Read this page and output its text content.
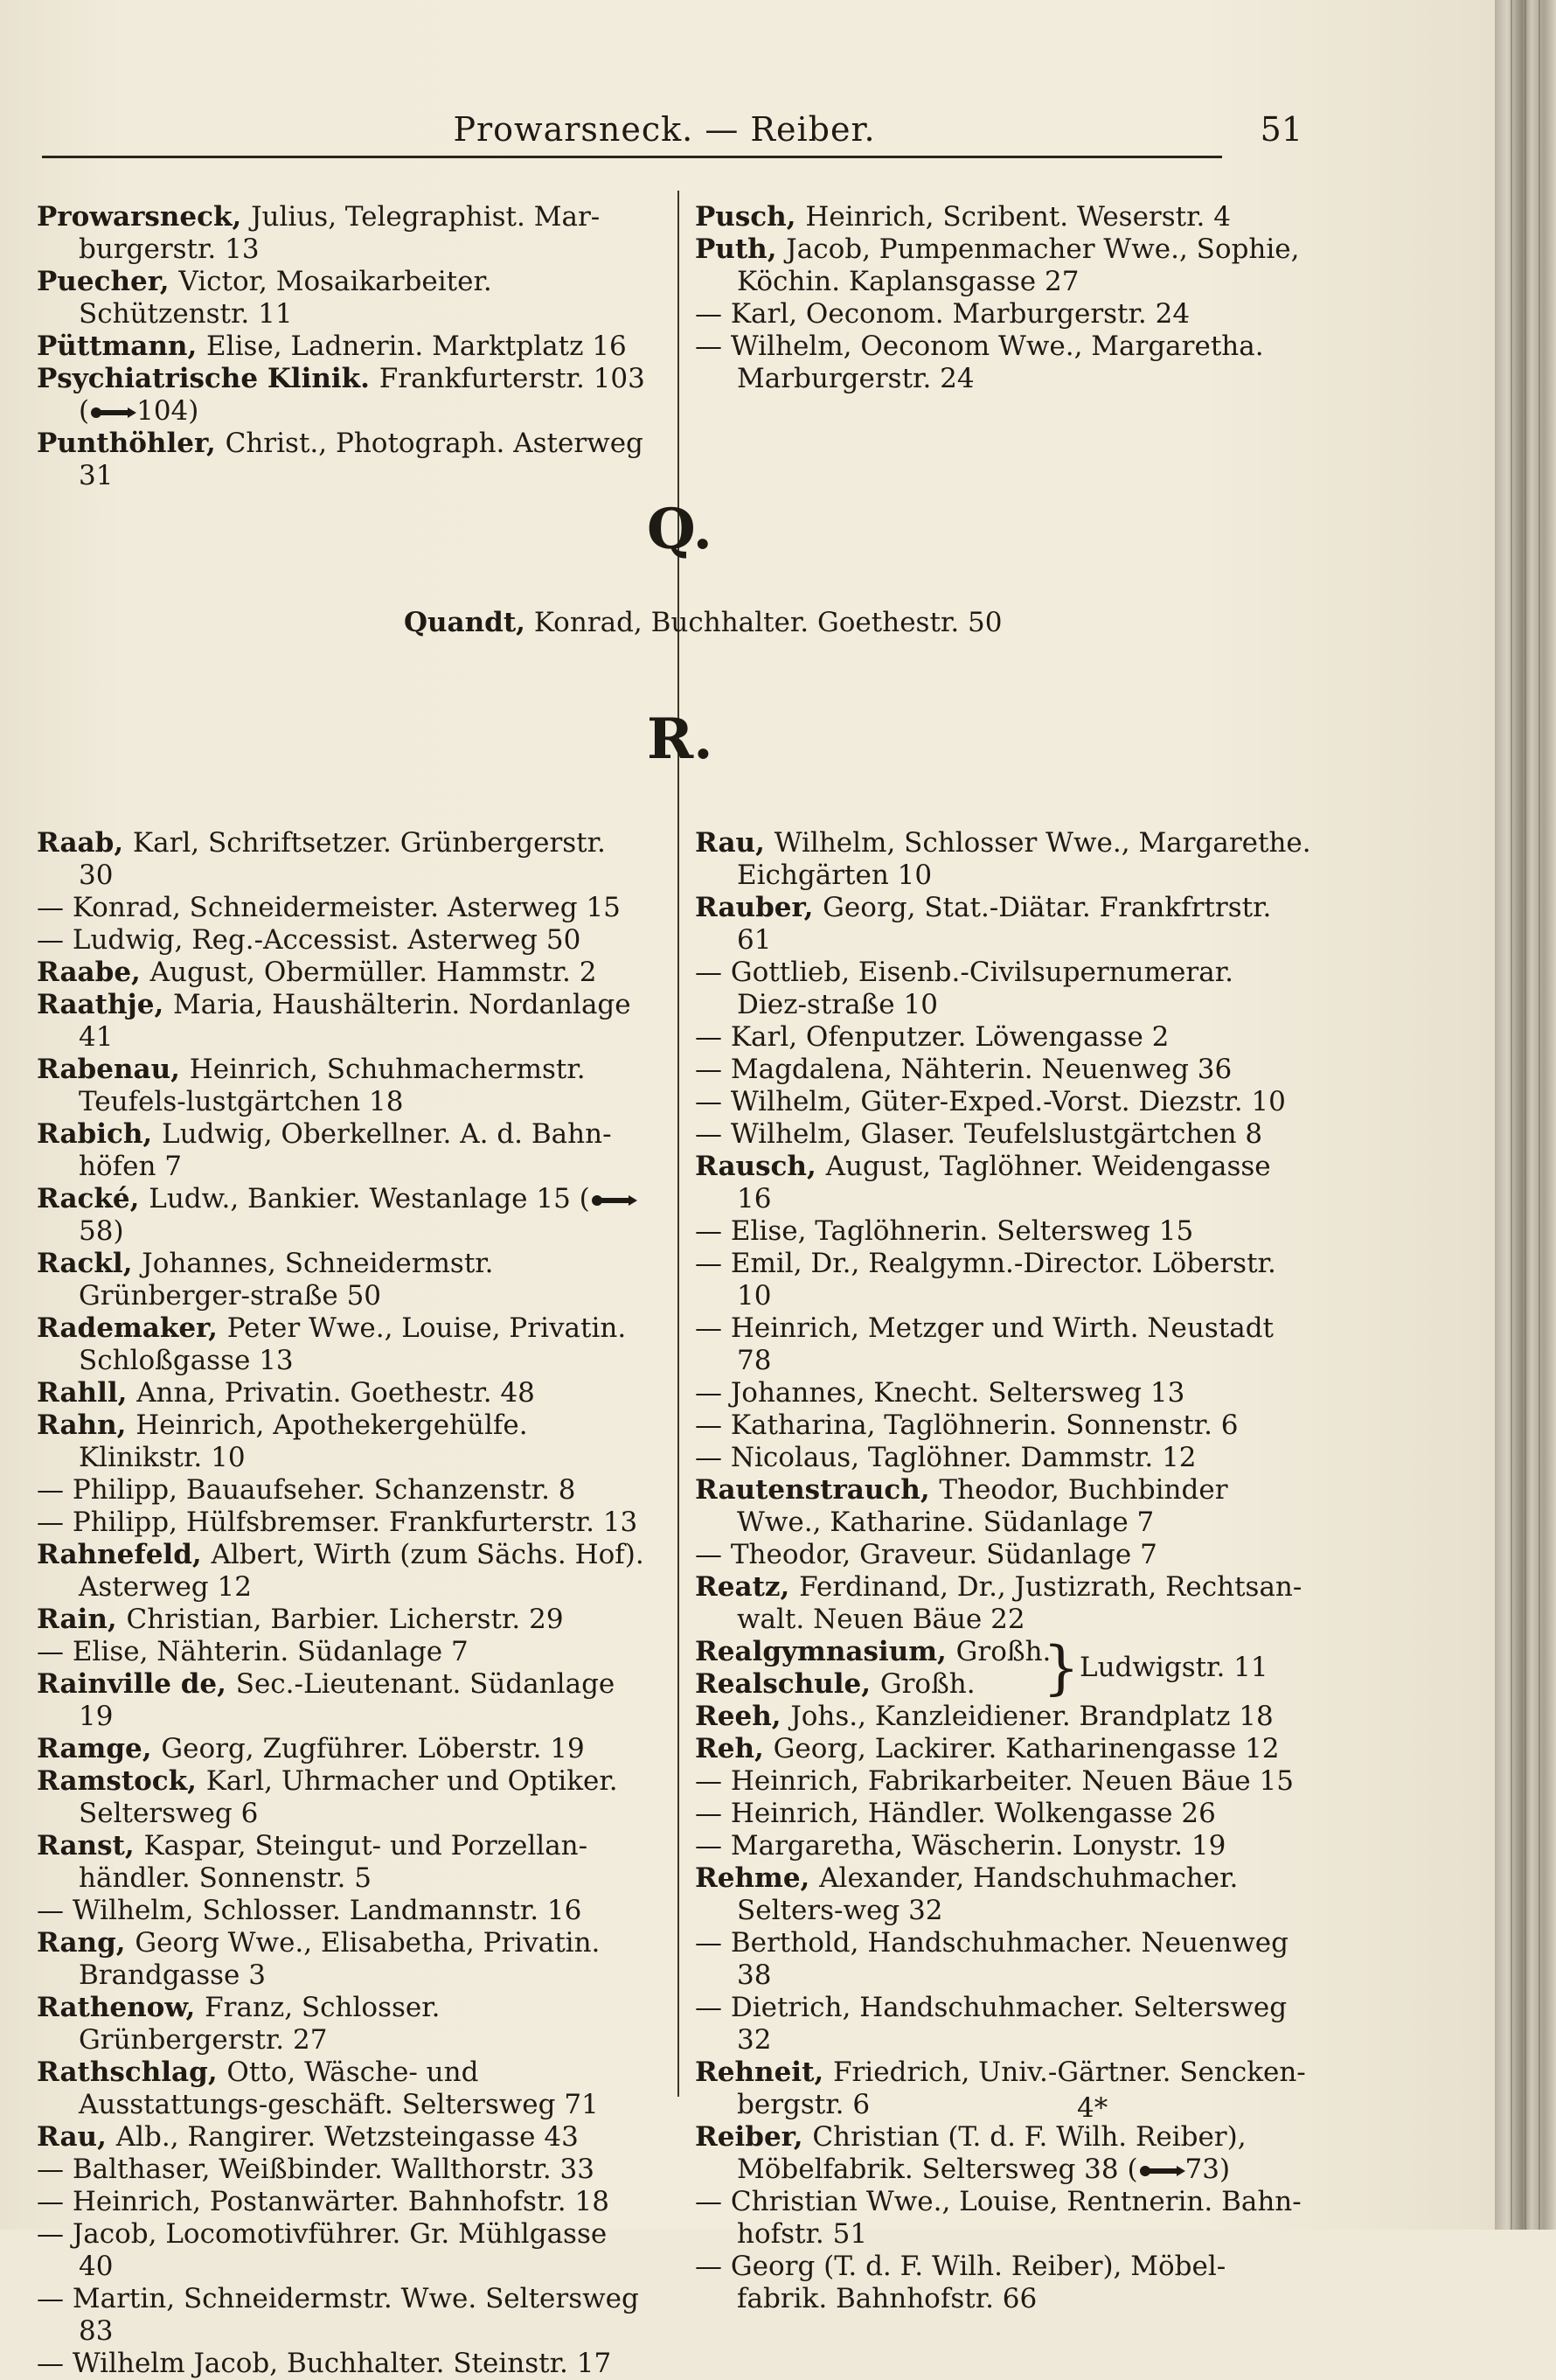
Prowarsneck. — Reiber.	51
Prowarsneck, Julius, Telegraphist. Mar-burgerstr. 13
Puecher, Victor, Mosaikarbeiter. Schützenstr. 11
Püttmann, Elise, Ladnerin. Marktplatz 16
Psychiatrische Klinik. Frankfurterstr. 103 ( 104)
Punthöhler, Christ., Photograph. Asterweg 31
Q.
Quandt, Konrad, Buchhalter. Goethestr. 50
R.
Raab, Karl, Schriftsetzer. Grünbergerstr. 30
— Konrad, Schneidermeister. Asterweg 15
— Ludwig, Reg.-Accessist. Asterweg 50
Raabe, August, Obermüller. Hammstr. 2
Raathje, Maria, Haushälterin. Nordanlage 41
Rabenau, Heinrich, Schuhmachermstr. Teufels-lustgärtchen 18
Rabich, Ludwig, Oberkellner. A. d. Bahn-höfen 7
Racké, Ludw., Bankier. Westanlage 15 (
58)
Rackl, Johannes, Schneidermstr. Grünberger-straße 50
Rademaker, Peter Wwe., Louise, Privatin. Schloßgasse 13
Rahll, Anna, Privatin. Goethestr. 48
Rahn, Heinrich, Apothekergehülfe. Klinikstr. 10
— Philipp, Bauaufseher. Schanzenstr. 8
— Philipp, Hülfsbremser. Frankfurterstr. 13
Rahnefeld, Albert, Wirth (zum Sächs. Hof). Asterweg 12
Rain, Christian, Barbier. Licherstr. 29
— Elise, Nähterin. Südanlage 7
Rainville de, Sec.-Lieutenant. Südanlage 19
Ramge, Georg, Zugführer. Löberstr. 19
Ramstock, Karl, Uhrmacher und Optiker. Seltersweg 6
Ranst, Kaspar, Steingut- und Porzellan-händler. Sonnenstr. 5
— Wilhelm, Schlosser. Landmannstr. 16
Rang, Georg Wwe., Elisabetha, Privatin. Brandgasse 3
Rathenow, Franz, Schlosser. Grünbergerstr. 27
Rathschlag, Otto, Wäsche- und Ausstattungs-geschäft. Seltersweg 71
Rau, Alb., Rangirer. Wetzsteingasse 43
— Balthaser, Weißbinder. Wallthorstr. 33
— Heinrich, Postanwärter. Bahnhofstr. 18
— Jacob, Locomotivführer. Gr. Mühlgasse 40
— Martin, Schneidermstr. Wwe. Seltersweg 83
— Wilhelm Jacob, Buchhalter. Steinstr. 17
Pusch, Heinrich, Scribent. Weserstr. 4
Puth, Jacob, Pumpenmacher Wwe., Sophie, Köchin. Kaplansgasse 27
— Karl, Oeconom. Marburgerstr. 24
— Wilhelm, Oeconom Wwe., Margaretha. Marburgerstr. 24
Rau, Wilhelm, Schlosser Wwe., Margarethe. Eichgärten 10
Rauber, Georg, Stat.-Diätar. Frankfrtrstr. 61
— Gottlieb, Eisenb.-Civilsupernumerar. Diez-straße 10
— Karl, Ofenputzer. Löwengasse 2
— Magdalena, Nähterin. Neuenweg 36
— Wilhelm, Güter-Exped.-Vorst. Diezstr. 10
— Wilhelm, Glaser. Teufelslustgärtchen 8
Rausch, August, Taglöhner. Weidengasse 16
— Elise, Taglöhnerin. Seltersweg 15
— Emil, Dr., Realgymn.-Director. Löberstr. 10
— Heinrich, Metzger und Wirth. Neustadt 78
— Johannes, Knecht. Seltersweg 13
— Katharina, Taglöhnerin. Sonnenstr. 6
— Nicolaus, Taglöhner. Dammstr. 12
Rautenstrauch, Theodor, Buchbinder Wwe., Katharine. Südanlage 7
— Theodor, Graveur. Südanlage 7
Reatz, Ferdinand, Dr., Justizrath, Rechtsan-walt. Neuen Bäue 22
Realgymnasium, Großh.
Realschule, Großh.	} Ludwigstr. 11
Reeh, Johs., Kanzleidiener. Brandplatz 18
Reh, Georg, Lackirer. Katharinengasse 12
— Heinrich, Fabrikarbeiter. Neuen Bäue 15
— Heinrich, Händler. Wolkengasse 26
— Margaretha, Wäscherin. Lonystr. 19
Rehme, Alexander, Handschuhmacher. Selters-weg 32
— Berthold, Handschuhmacher. Neuenweg 38
— Dietrich, Handschuhmacher. Seltersweg 32
Rehneit, Friedrich, Univ.-Gärtner. Sencken-bergstr. 6
Reiber, Christian (T. d. F. Wilh. Reiber), Möbelfabrik. Seltersweg 38 ( 73)
— Christian Wwe., Louise, Rentnerin. Bahn-hofstr. 51
— Georg (T. d. F. Wilh. Reiber), Möbel-fabrik. Bahnhofstr. 66
4*
